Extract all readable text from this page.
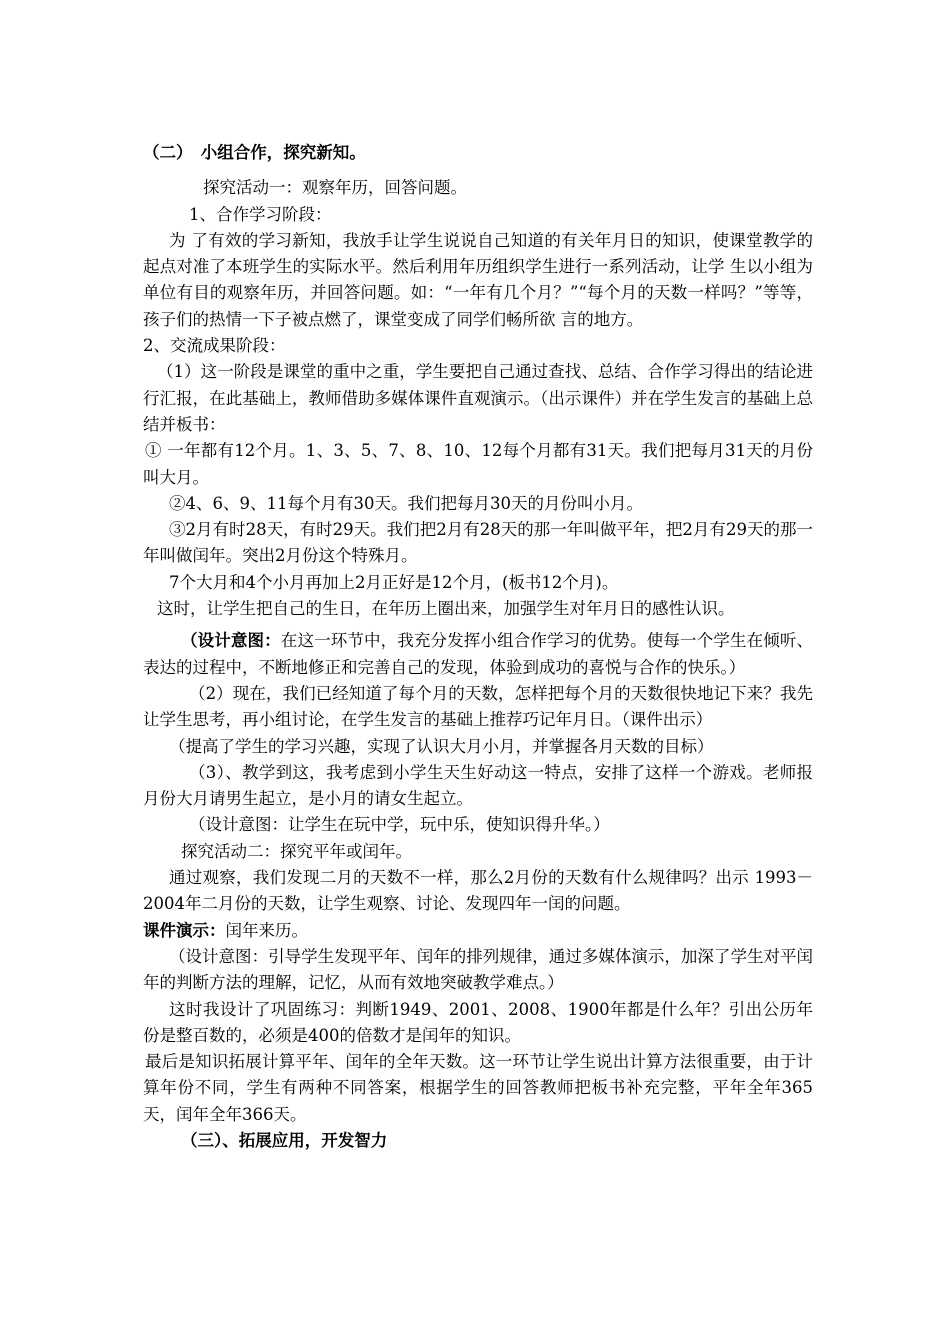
（二）　小组合作，探究新知。

探究活动一：观察年历，回答问题。

1、合作学习阶段：

为 了有效的学习新知，我放手让学生说说自己知道的有关年月日的知识，使课堂教学的起点对准了本班学生的实际水平。然后利用年历组织学生进行一系列活动，让学 生以小组为单位有目的观察年历，并回答问题。如：“一年有几个月？”“每个月的天数一样吗？”等等，孩子们的热情一下子被点燃了，课堂变成了同学们畅所欲 言的地方。

2、交流成果阶段：

（1）这一阶段是课堂的重中之重，学生要把自己通过查找、总结、合作学习得出的结论进行汇报，在此基础上，教师借助多媒体课件直观演示。（出示课件）并在学生发言的基础上总结并板书：

① 一年都有12个月。1、3、5、7、8、10、12每个月都有31天。我们把每月31天的月份叫大月。

②4、6、9、11每个月有30天。我们把每月30天的月份叫小月。

③2月有时28天，有时29天。我们把2月有28天的那一年叫做平年，把2月有29天的那一年叫做闰年。突出2月份这个特殊月。

7个大月和4个小月再加上2月正好是12个月，(板书12个月)。

这时，让学生把自己的生日，在年历上圈出来，加强学生对年月日的感性认识。

（设计意图：在这一环节中，我充分发挥小组合作学习的优势。使每一个学生在倾听、表达的过程中，不断地修正和完善自己的发现，体验到成功的喜悦与合作的快乐。）

（2）现在，我们已经知道了每个月的天数，怎样把每个月的天数很快地记下来？我先让学生思考，再小组讨论，在学生发言的基础上推荐巧记年月日。（课件出示）

（提高了学生的学习兴趣，实现了认识大月小月，并掌握各月天数的目标）

（3）、教学到这，我考虑到小学生天生好动这一特点，安排了这样一个游戏。老师报月份大月请男生起立，是小月的请女生起立。

（设计意图：让学生在玩中学，玩中乐，使知识得升华。）

探究活动二：探究平年或闰年。

通过观察，我们发现二月的天数不一样，那么2月份的天数有什么规律吗？出示 1993－2004年二月份的天数，让学生观察、讨论、发现四年一闰的问题。

课件演示：闰年来历。

（设计意图：引导学生发现平年、闰年的排列规律，通过多媒体演示，加深了学生对平闰年的判断方法的理解，记忆，从而有效地突破教学难点。）

这时我设计了巩固练习：判断1949、2001、2008、1900年都是什么年？引出公历年份是整百数的，必须是400的倍数才是闰年的知识。

最后是知识拓展计算平年、闰年的全年天数。这一环节让学生说出计算方法很重要，由于计算年份不同，学生有两种不同答案，根据学生的回答教师把板书补充完整，平年全年365天，闰年全年366天。

（三）、拓展应用，开发智力
